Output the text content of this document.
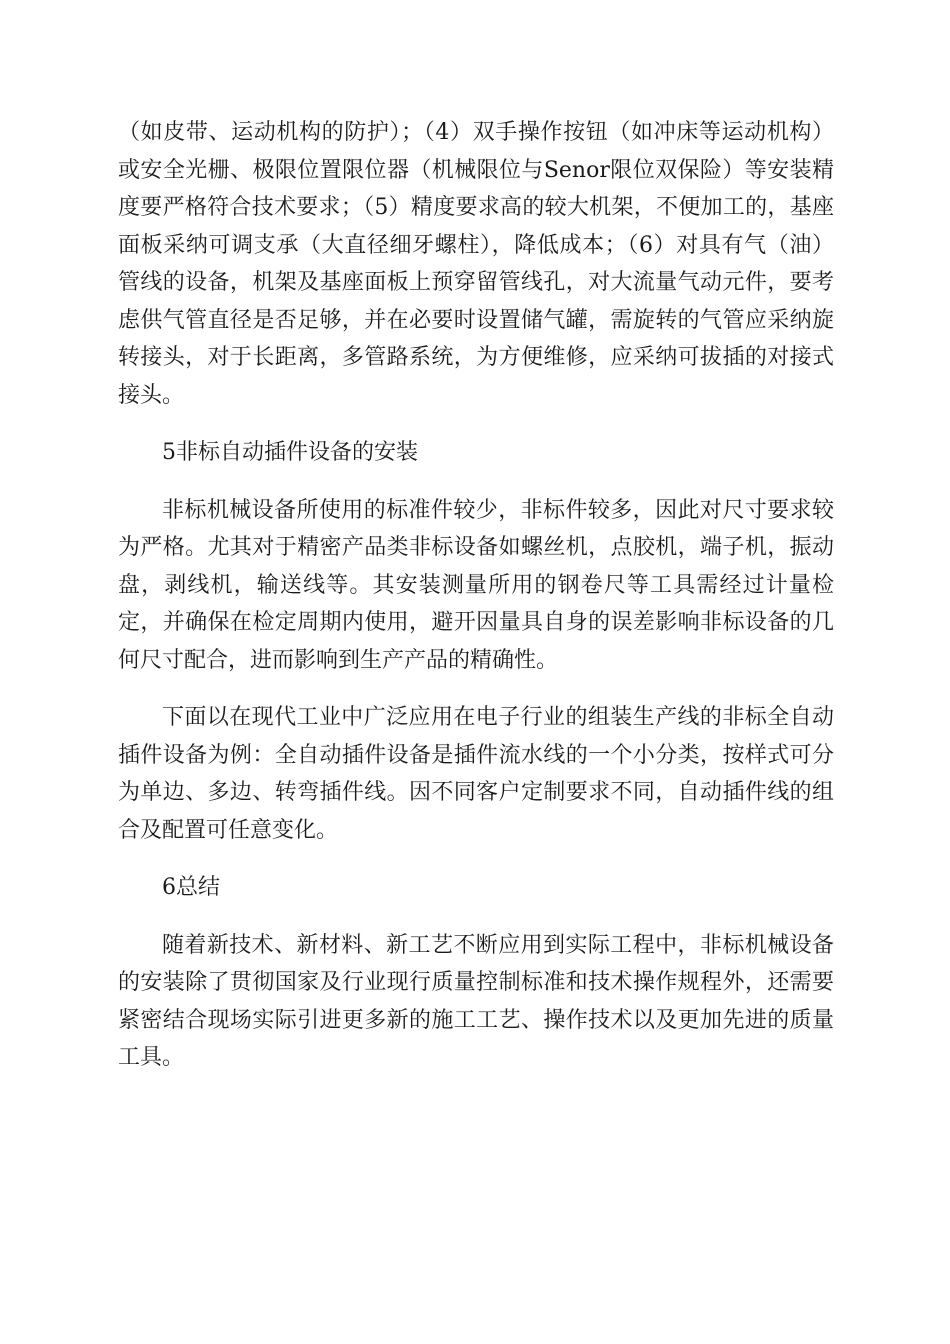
（如皮带、运动机构的防护）；（4）双手操作按钮（如冲床等运动机构）或安全光栅、极限位置限位器（机械限位与Senor限位双保险）等安装精度要严格符合技术要求；（5）精度要求高的较大机架，不便加工的，基座面板采纳可调支承（大直径细牙螺柱），降低成本；（6）对具有气（油）管线的设备，机架及基座面板上预穿留管线孔，对大流量气动元件，要考虑供气管直径是否足够，并在必要时设置储气罐，需旋转的气管应采纳旋转接头，对于长距离，多管路系统，为方便维修，应采纳可拔插的对接式接头。

5非标自动插件设备的安装

非标机械设备所使用的标准件较少，非标件较多，因此对尺寸要求较为严格。尤其对于精密产品类非标设备如螺丝机，点胶机，端子机，振动盘，剥线机，输送线等。其安装测量所用的钢卷尺等工具需经过计量检定，并确保在检定周期内使用，避开因量具自身的误差影响非标设备的几何尺寸配合，进而影响到生产产品的精确性。

下面以在现代工业中广泛应用在电子行业的组装生产线的非标全自动插件设备为例：全自动插件设备是插件流水线的一个小分类，按样式可分为单边、多边、转弯插件线。因不同客户定制要求不同，自动插件线的组合及配置可任意变化。

6总结

随着新技术、新材料、新工艺不断应用到实际工程中，非标机械设备的安装除了贯彻国家及行业现行质量控制标准和技术操作规程外，还需要紧密结合现场实际引进更多新的施工工艺、操作技术以及更加先进的质量工具。
